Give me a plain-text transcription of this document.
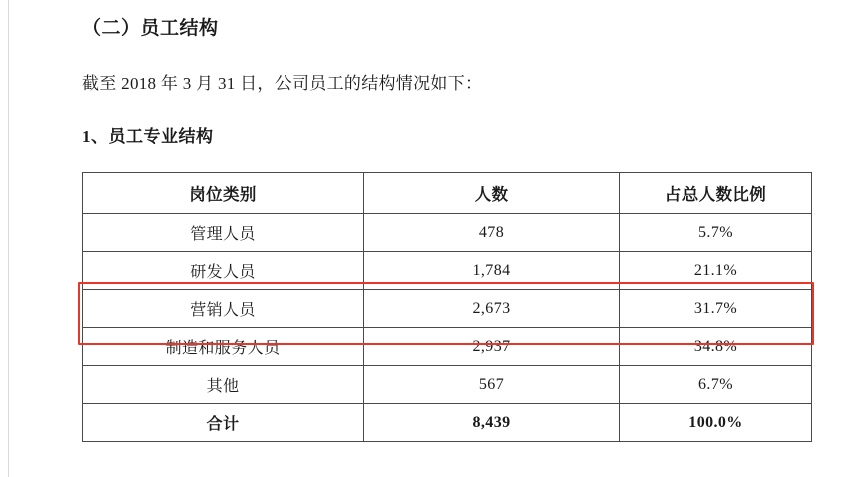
（二）员工结构
截至 2018 年 3 月 31 日，公司员工的结构情况如下：
1、员工专业结构
岗位类别	人数	占总人数比例
管理人员	478	5.7%
研发人员	1,784	21.1%
营销人员	2,673	31.7%
制造和服务人员	2,937	34.8%
其他	567	6.7%
合计	8,439	100.0%
